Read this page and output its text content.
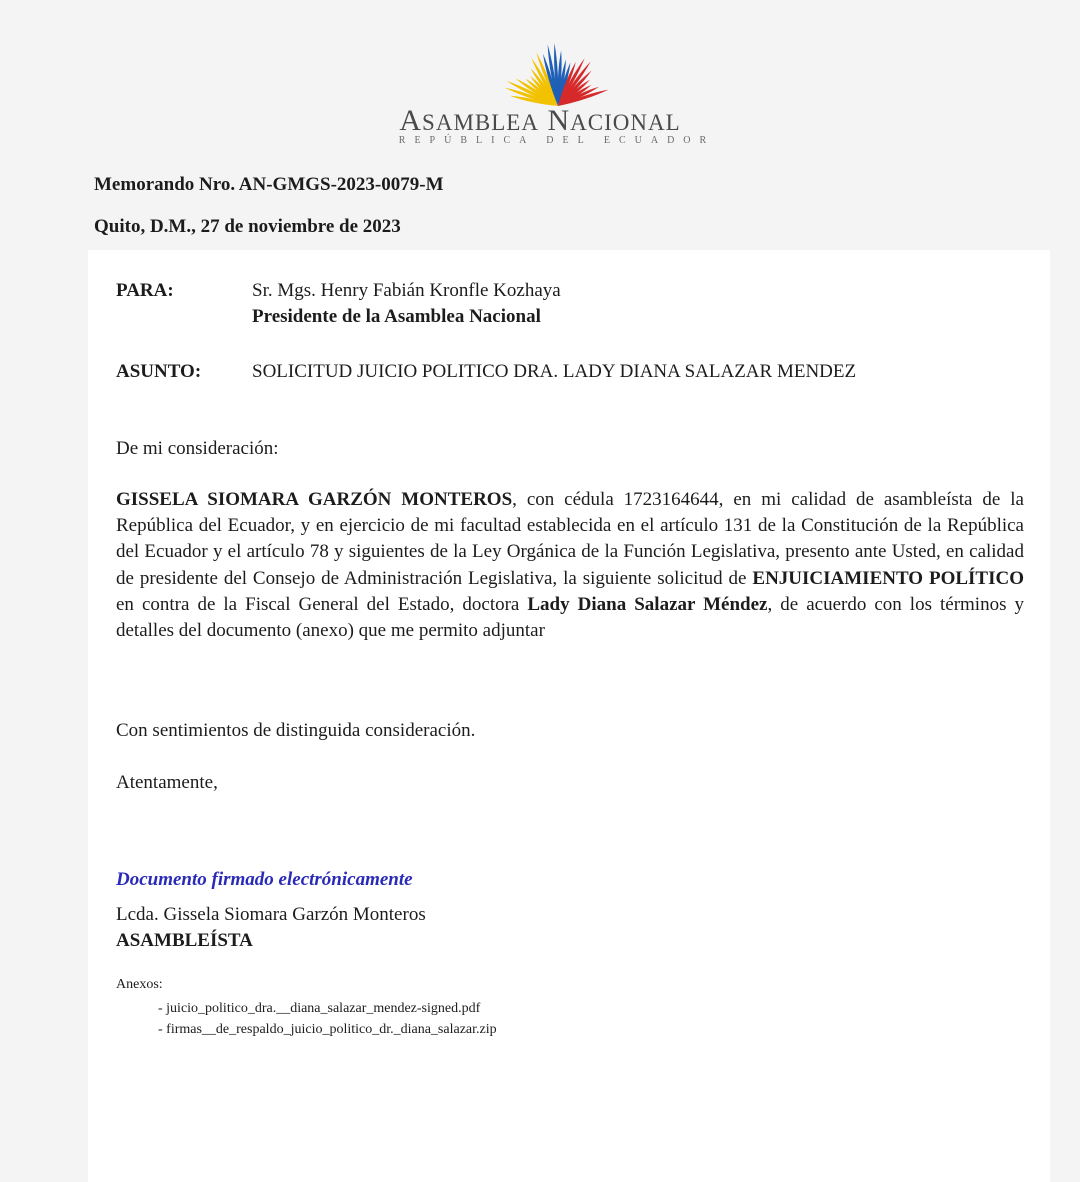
ASAMBLEA NACIONAL
REPÚBLICA DEL ECUADOR
Memorando Nro. AN-GMGS-2023-0079-M
Quito, D.M., 27 de noviembre de 2023
PARA:	Sr. Mgs. Henry Fabián Kronfle Kozhaya
Presidente de la Asamblea Nacional
ASUNTO:	SOLICITUD JUICIO POLITICO DRA. LADY DIANA SALAZAR MENDEZ
De mi consideración:
GISSELA SIOMARA GARZÓN MONTEROS, con cédula 1723164644, en mi calidad de asambleísta de la República del Ecuador, y en ejercicio de mi facultad establecida en el artículo 131 de la Constitución de la República del Ecuador y el artículo 78 y siguientes de la Ley Orgánica de la Función Legislativa, presento ante Usted, en calidad de presidente del Consejo de Administración Legislativa, la siguiente solicitud de ENJUICIAMIENTO POLÍTICO en contra de la Fiscal General del Estado, doctora Lady Diana Salazar Méndez, de acuerdo con los términos y detalles del documento (anexo) que me permito adjuntar
Con sentimientos de distinguida consideración.
Atentamente,
Documento firmado electrónicamente
Lcda. Gissela Siomara Garzón Monteros
ASAMBLEÍSTA
Anexos:
- juicio_politico_dra.__diana_salazar_mendez-signed.pdf
- firmas__de_respaldo_juicio_politico_dr._diana_salazar.zip
